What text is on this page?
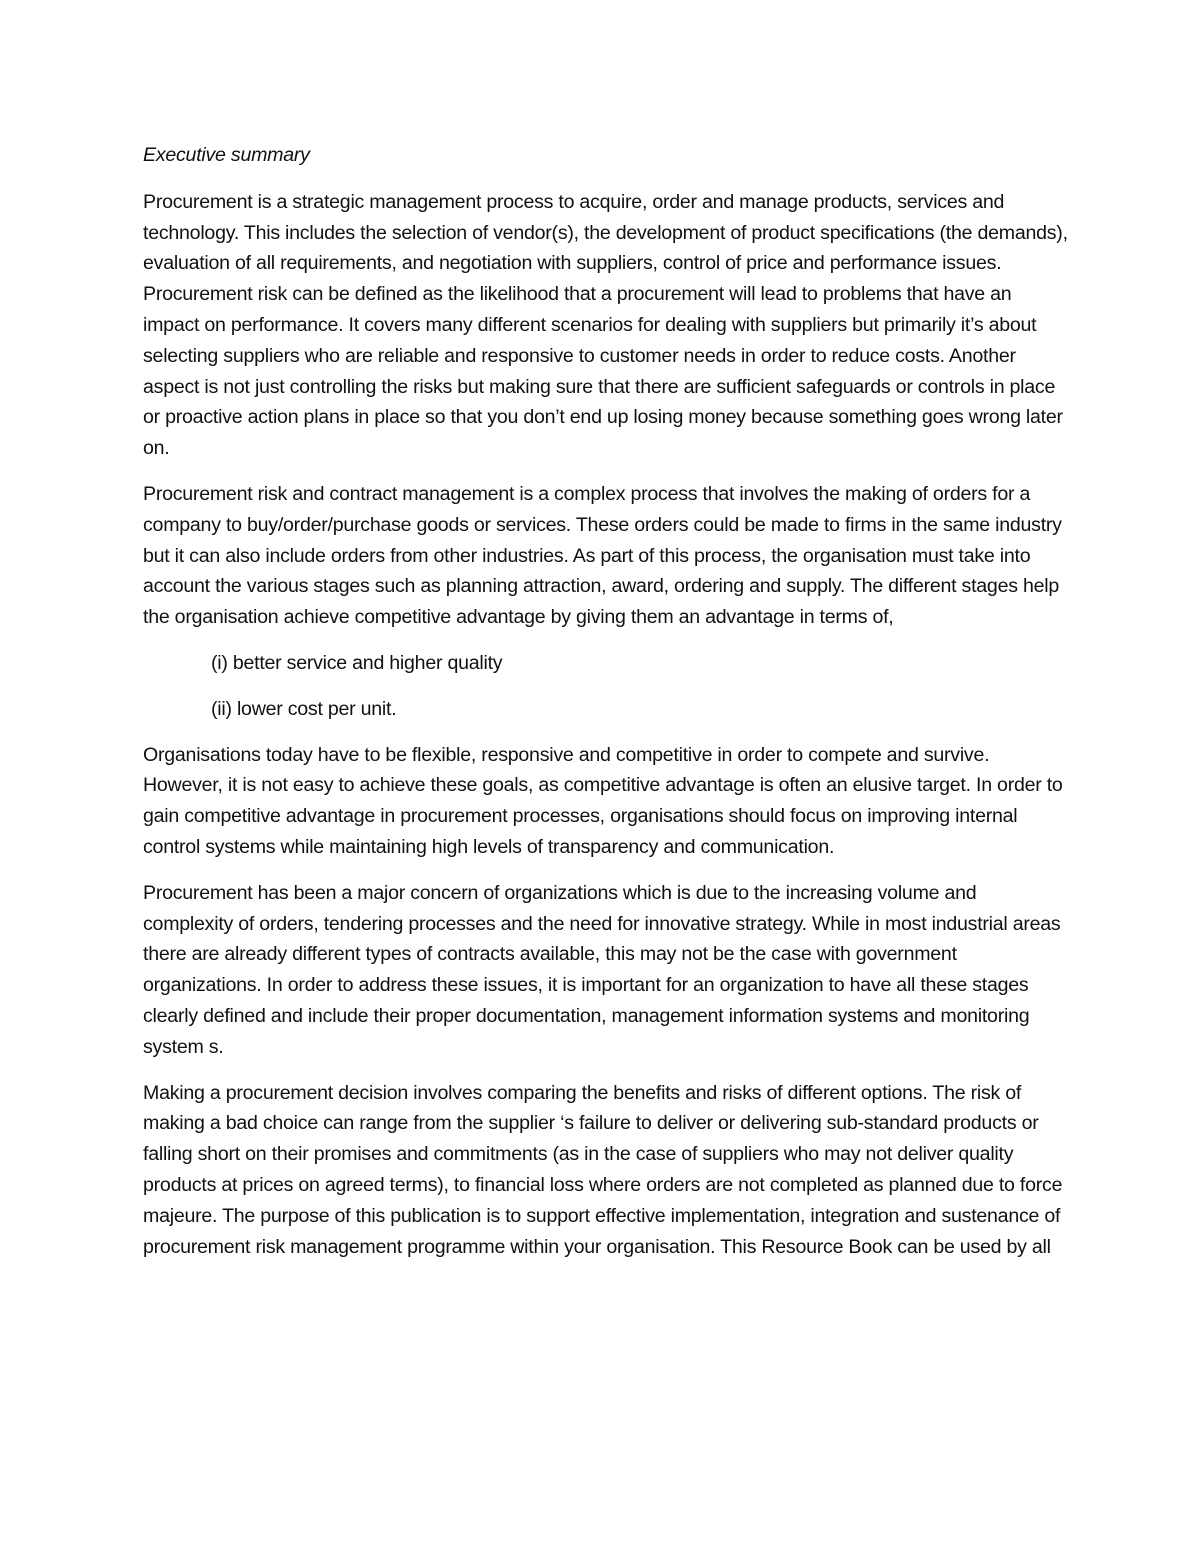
Executive summary

Procurement is a strategic management process to acquire, order and manage products, services and technology. This includes the selection of vendor(s), the development of product specifications (the demands), evaluation of all requirements, and negotiation with suppliers, control of price and performance issues. Procurement risk can be defined as the likelihood that a procurement will lead to problems that have an impact on performance. It covers many different scenarios for dealing with suppliers but primarily it’s about selecting suppliers who are reliable and responsive to customer needs in order to reduce costs. Another aspect is not just controlling the risks but making sure that there are sufficient safeguards or controls in place or proactive action plans in place so that you don’t end up losing money because something goes wrong later on.

Procurement risk and contract management is a complex process that involves the making of orders for a company to buy/order/purchase goods or services. These orders could be made to firms in the same industry but it can also include orders from other industries. As part of this process, the organisation must take into account the various stages such as planning attraction, award, ordering and supply. The different stages help the organisation achieve competitive advantage by giving them an advantage in terms of,

(i) better service and higher quality

(ii) lower cost per unit.

Organisations today have to be flexible, responsive and competitive in order to compete and survive. However, it is not easy to achieve these goals, as competitive advantage is often an elusive target. In order to gain competitive advantage in procurement processes, organisations should focus on improving internal control systems while maintaining high levels of transparency and communication.

Procurement has been a major concern of organizations which is due to the increasing volume and complexity of orders, tendering processes and the need for innovative strategy. While in most industrial areas there are already different types of contracts available, this may not be the case with government organizations. In order to address these issues, it is important for an organization to have all these stages clearly defined and include their proper documentation, management information systems and monitoring system s.

Making a procurement decision involves comparing the benefits and risks of different options. The risk of making a bad choice can range from the supplier ‘s failure to deliver or delivering sub-standard products or falling short on their promises and commitments (as in the case of suppliers who may not deliver quality products at prices on agreed terms), to financial loss where orders are not completed as planned due to force majeure. The purpose of this publication is to support effective implementation, integration and sustenance of procurement risk management programme within your organisation. This Resource Book can be used by all
